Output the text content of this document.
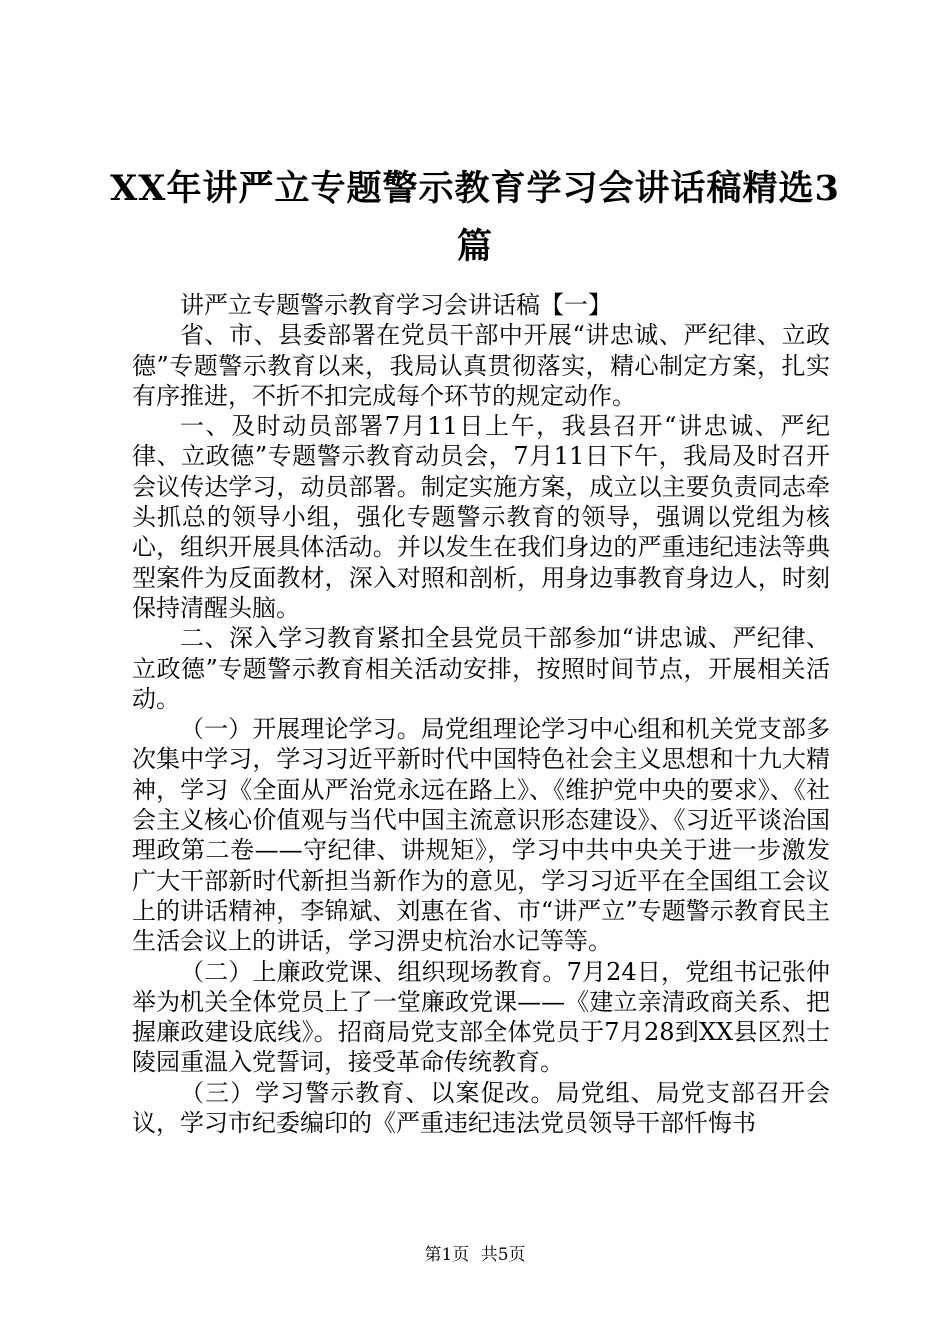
XX年讲严立专题警示教育学习会讲话稿精选3篇

讲严立专题警示教育学习会讲话稿【一】

省、市、县委部署在党员干部中开展“讲忠诚、严纪律、立政德”专题警示教育以来，我局认真贯彻落实，精心制定方案，扎实有序推进，不折不扣完成每个环节的规定动作。

一、及时动员部署7月11日上午，我县召开“讲忠诚、严纪律、立政德”专题警示教育动员会，7月11日下午，我局及时召开会议传达学习，动员部署。制定实施方案，成立以主要负责同志牵头抓总的领导小组，强化专题警示教育的领导，强调以党组为核心，组织开展具体活动。并以发生在我们身边的严重违纪违法等典型案件为反面教材，深入对照和剖析，用身边事教育身边人，时刻保持清醒头脑。

二、深入学习教育紧扣全县党员干部参加“讲忠诚、严纪律、立政德”专题警示教育相关活动安排，按照时间节点，开展相关活动。

（一）开展理论学习。局党组理论学习中心组和机关党支部多次集中学习，学习习近平新时代中国特色社会主义思想和十九大精神，学习《全面从严治党永远在路上》、《维护党中央的要求》、《社会主义核心价值观与当代中国主流意识形态建设》、《习近平谈治国理政第二卷——守纪律、讲规矩》，学习中共中央关于进一步激发广大干部新时代新担当新作为的意见，学习习近平在全国组工会议上的讲话精神，李锦斌、刘惠在省、市“讲严立”专题警示教育民主生活会议上的讲话，学习淠史杭治水记等等。

（二）上廉政党课、组织现场教育。7月24日，党组书记张仲举为机关全体党员上了一堂廉政党课——《建立亲清政商关系、把握廉政建设底线》。招商局党支部全体党员于7月28到XX县区烈士陵园重温入党誓词，接受革命传统教育。

（三）学习警示教育、以案促改。局党组、局党支部召开会议，学习市纪委编印的《严重违纪违法党员领导干部忏悔书

第1页 共5页
